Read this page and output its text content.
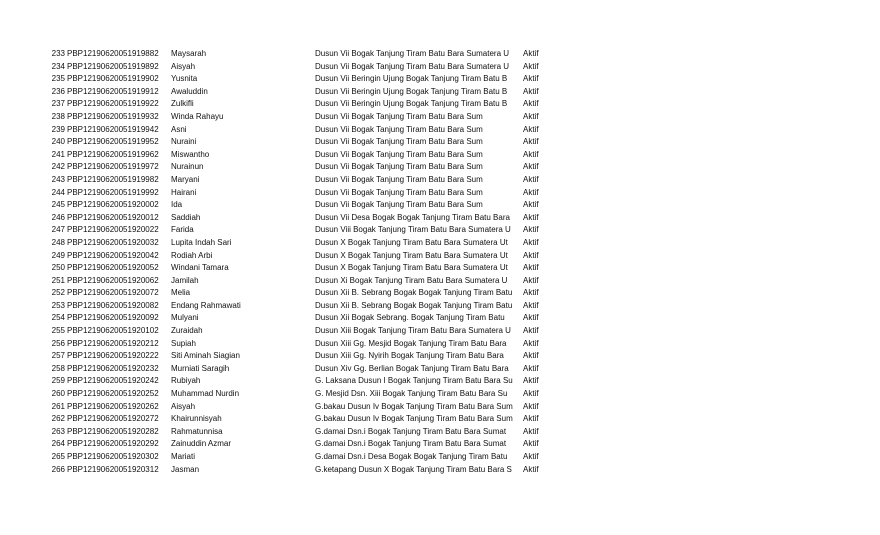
233 PBP12190620051919882	Maysarah	Dusun Vii Bogak Tanjung Tiram Batu Bara Sumatera U	Aktif
234 PBP12190620051919892	Aisyah	Dusun Vii Bogak Tanjung Tiram Batu Bara Sumatera U	Aktif
235 PBP12190620051919902	Yusnita	Dusun Vii Beringin Ujung Bogak Tanjung Tiram Batu B	Aktif
236 PBP12190620051919912	Awaluddin	Dusun Vii Beringin Ujung Bogak Tanjung Tiram Batu B	Aktif
237 PBP12190620051919922	Zulkifli	Dusun Vii Beringin Ujung Bogak Tanjung Tiram Batu B	Aktif
238 PBP12190620051919932	Winda Rahayu	Dusun Vii Bogak Tanjung Tiram Batu Bara Sum	Aktif
239 PBP12190620051919942	Asni	Dusun Vii Bogak Tanjung Tiram Batu Bara Sum	Aktif
240 PBP12190620051919952	Nuraini	Dusun Vii Bogak Tanjung Tiram Batu Bara Sum	Aktif
241 PBP12190620051919962	Miswantho	Dusun Vii Bogak Tanjung Tiram Batu Bara Sum	Aktif
242 PBP12190620051919972	Nurainun	Dusun Vii Bogak Tanjung Tiram Batu Bara Sum	Aktif
243 PBP12190620051919982	Maryani	Dusun Vii Bogak Tanjung Tiram Batu Bara Sum	Aktif
244 PBP12190620051919992	Hairani	Dusun Vii Bogak Tanjung Tiram Batu Bara Sum	Aktif
245 PBP12190620051920002	Ida	Dusun Vii Bogak Tanjung Tiram Batu Bara Sum	Aktif
246 PBP12190620051920012	Saddiah	Dusun Vii Desa Bogak Bogak Tanjung Tiram Batu Bara	Aktif
247 PBP12190620051920022	Farida	Dusun Viii Bogak Tanjung Tiram Batu Bara Sumatera U	Aktif
248 PBP12190620051920032	Lupita Indah Sari	Dusun X Bogak Tanjung Tiram Batu Bara Sumatera Ut	Aktif
249 PBP12190620051920042	Rodiah Arbi	Dusun X Bogak Tanjung Tiram Batu Bara Sumatera Ut	Aktif
250 PBP12190620051920052	Windani Tamara	Dusun X Bogak Tanjung Tiram Batu Bara Sumatera Ut	Aktif
251 PBP12190620051920062	Jamilah	Dusun Xi Bogak Tanjung Tiram Batu Bara Sumatera U	Aktif
252 PBP12190620051920072	Melia	Dusun Xii B. Sebrang Bogak Bogak Tanjung Tiram Batu	Aktif
253 PBP12190620051920082	Endang Rahmawati	Dusun Xii B. Sebrang Bogak Bogak Tanjung Tiram Batu	Aktif
254 PBP12190620051920092	Mulyani	Dusun Xii Bogak Sebrang. Bogak Tanjung Tiram Batu	Aktif
255 PBP12190620051920102	Zuraidah	Dusun Xiii Bogak Tanjung Tiram Batu Bara Sumatera U	Aktif
256 PBP12190620051920212	Supiah	Dusun Xiii Gg. Mesjid Bogak Tanjung Tiram Batu Bara	Aktif
257 PBP12190620051920222	Siti Aminah Siagian	Dusun Xiii Gg. Nyirih Bogak Tanjung Tiram Batu Bara	Aktif
258 PBP12190620051920232	Murniati Saragih	Dusun Xiv Gg. Berlian Bogak Tanjung Tiram Batu Bara	Aktif
259 PBP12190620051920242	Rubiyah	G. Laksana Dusun I Bogak Tanjung Tiram Batu Bara Su	Aktif
260 PBP12190620051920252	Muhammad Nurdin	G. Mesjid Dsn. Xiii Bogak Tanjung Tiram Batu Bara Su	Aktif
261 PBP12190620051920262	Aisyah	G.bakau Dusun Iv Bogak Tanjung Tiram Batu Bara Sum	Aktif
262 PBP12190620051920272	Khairunnisyah	G.bakau Dusun Iv Bogak Tanjung Tiram Batu Bara Sum	Aktif
263 PBP12190620051920282	Rahmatunnisa	G.damai Dsn.i Bogak Tanjung Tiram Batu Bara Sumat	Aktif
264 PBP12190620051920292	Zainuddin Azmar	G.damai Dsn.i Bogak Tanjung Tiram Batu Bara Sumat	Aktif
265 PBP12190620051920302	Mariati	G.damai Dsn.i Desa Bogak Bogak Tanjung Tiram Batu	Aktif
266 PBP12190620051920312	Jasman	G.ketapang Dusun X Bogak Tanjung Tiram Batu Bara S	Aktif
